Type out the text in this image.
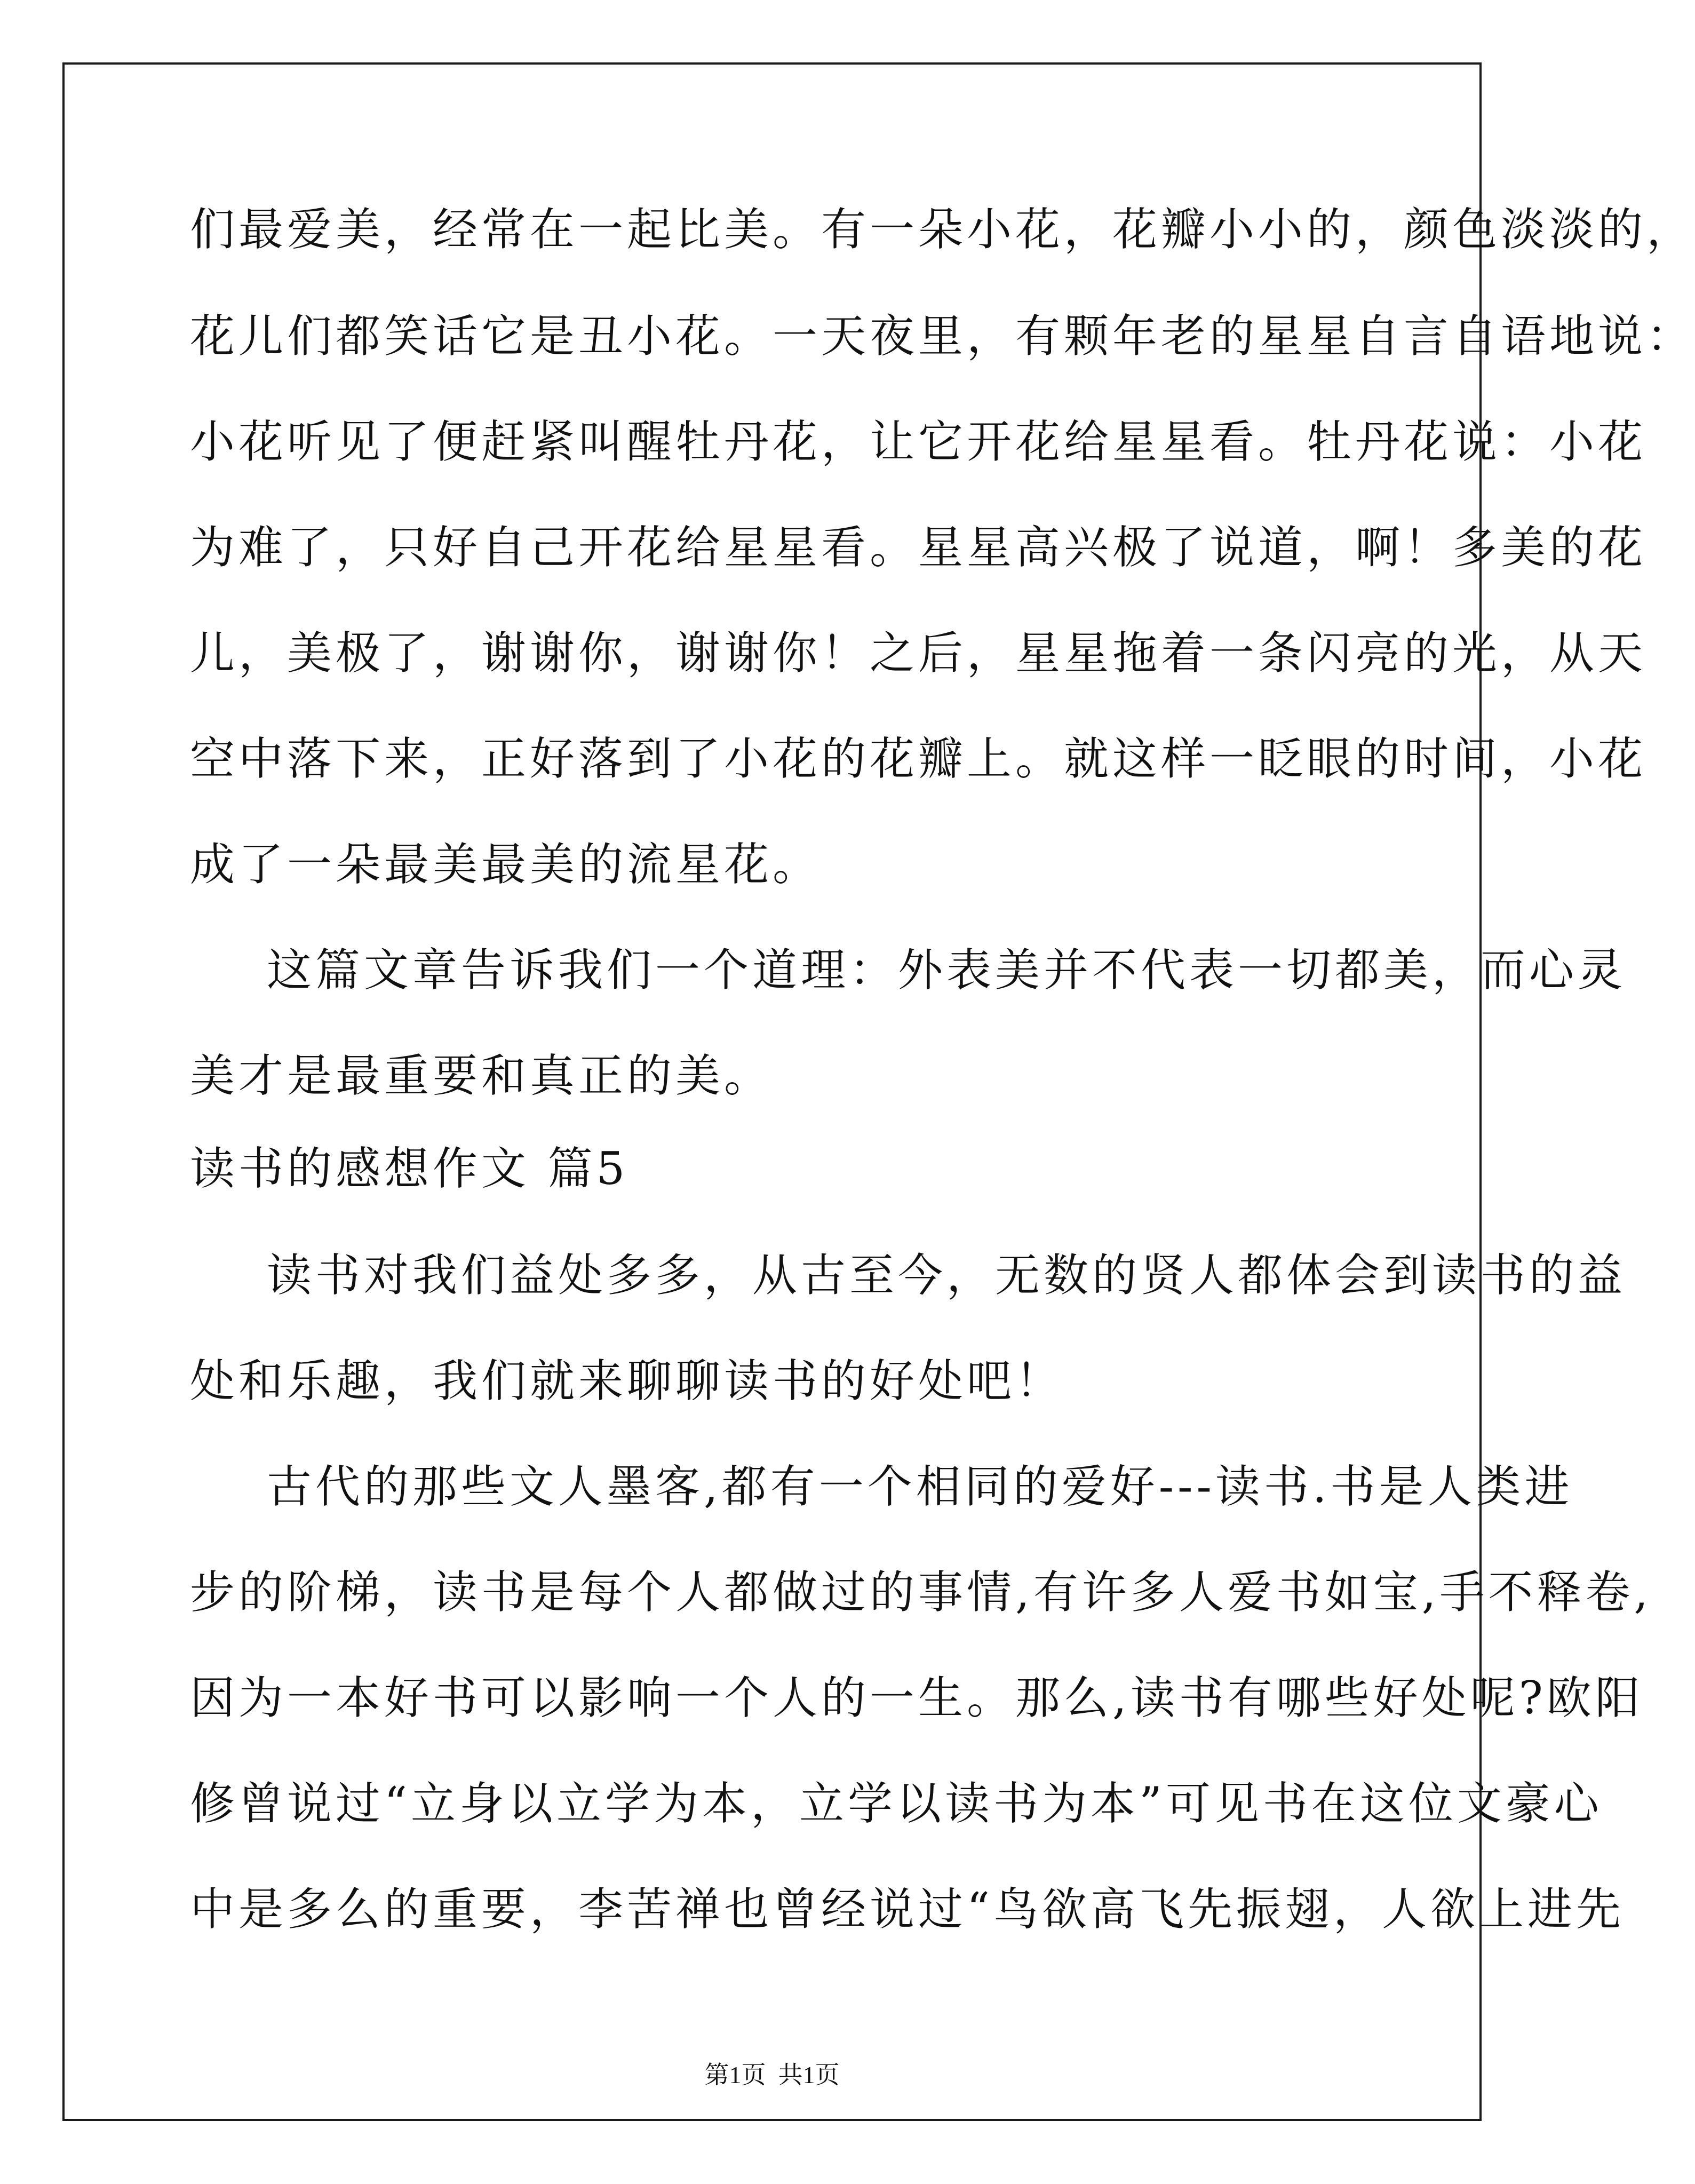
们最爱美，经常在一起比美。有一朵小花，花瓣小小的，颜色淡淡的，
花儿们都笑话它是丑小花。一天夜里，有颗年老的星星自言自语地说：
小花听见了便赶紧叫醒牡丹花，让它开花给星星看。牡丹花说：小花
为难了，只好自己开花给星星看。星星高兴极了说道，啊！多美的花
儿，美极了，谢谢你，谢谢你！之后，星星拖着一条闪亮的光，从天
空中落下来，正好落到了小花的花瓣上。就这样一眨眼的时间，小花
成了一朵最美最美的流星花。
这篇文章告诉我们一个道理：外表美并不代表一切都美，而心灵
美才是最重要和真正的美。
读书的感想作文 篇5
读书对我们益处多多，从古至今，无数的贤人都体会到读书的益
处和乐趣，我们就来聊聊读书的好处吧！
古代的那些文人墨客,都有一个相同的爱好---读书.书是人类进
步的阶梯，读书是每个人都做过的事情,有许多人爱书如宝,手不释卷,
因为一本好书可以影响一个人的一生。那么,读书有哪些好处呢?欧阳
修曾说过“立身以立学为本，立学以读书为本”可见书在这位文豪心
中是多么的重要，李苦禅也曾经说过“鸟欲高飞先振翅，人欲上进先
第1页  共1页
